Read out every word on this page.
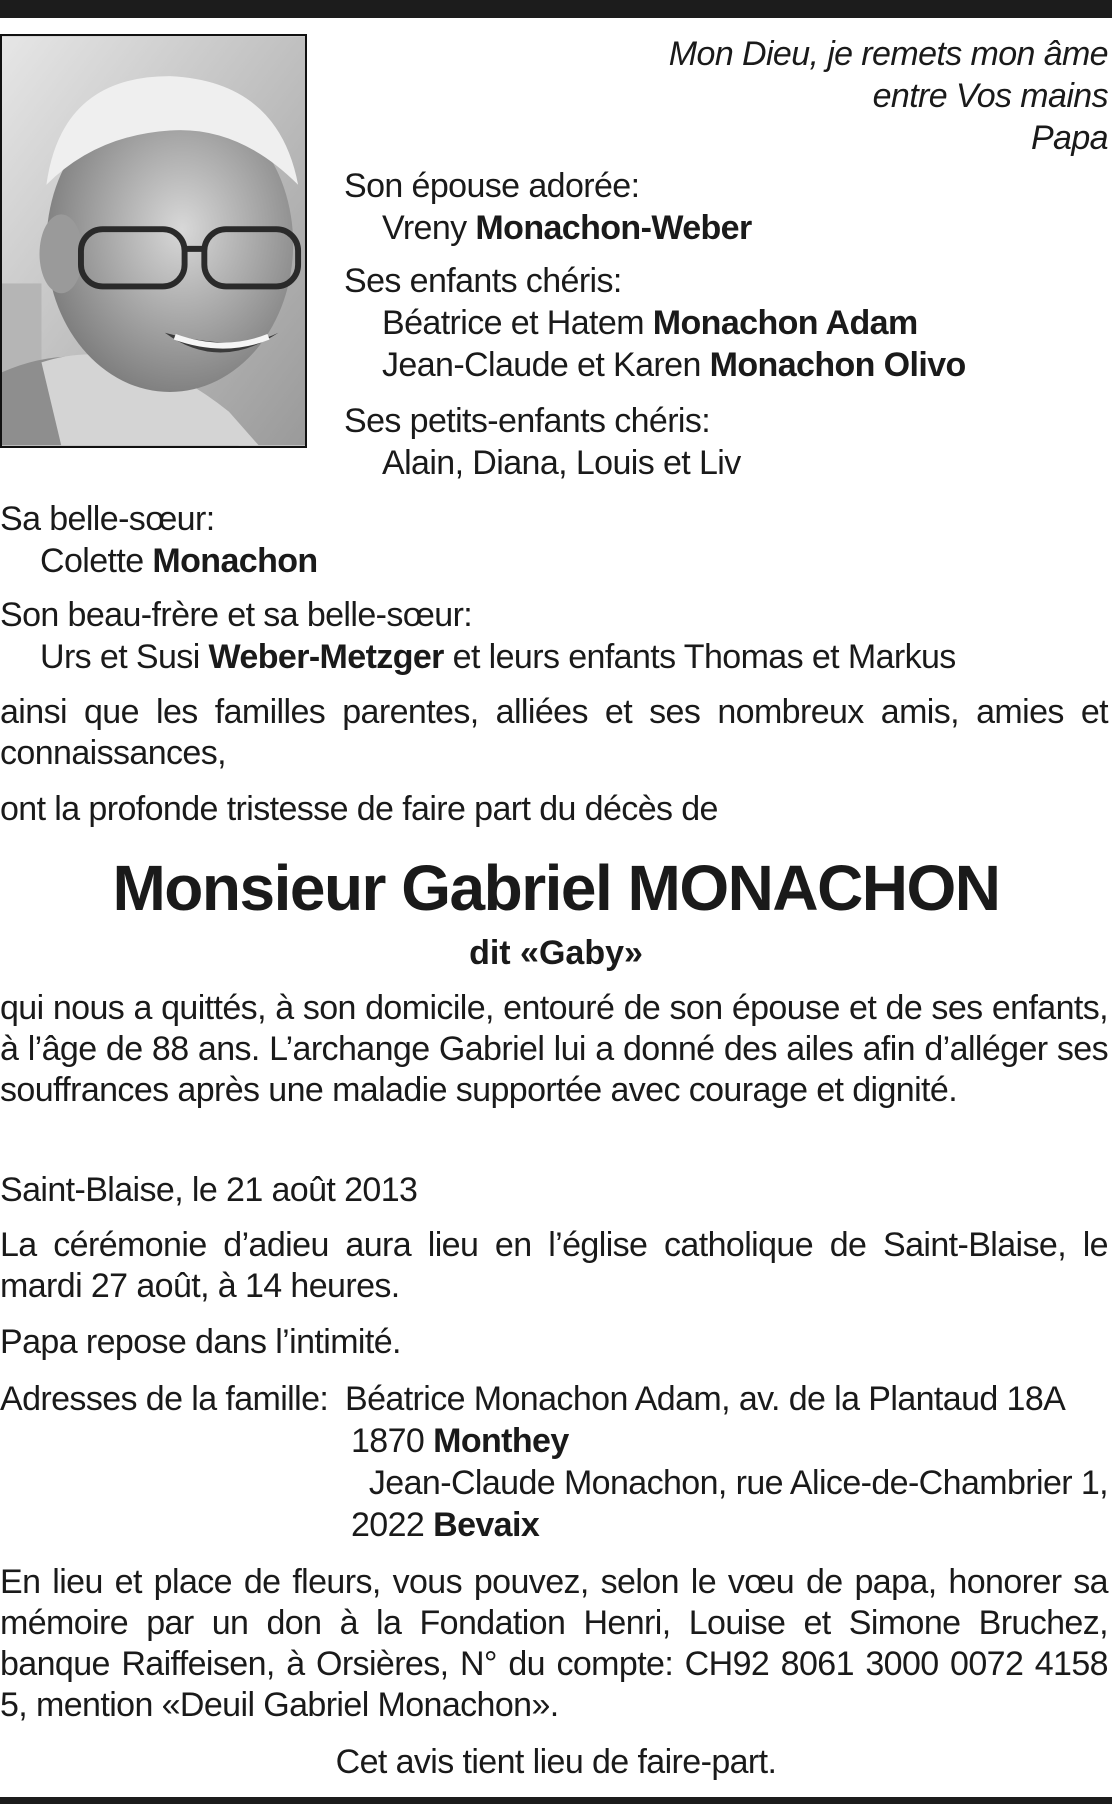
Mon Dieu, je remets mon âme
entre Vos mains
Papa
Son épouse adorée:
Vreny Monachon-Weber
Ses enfants chéris:
Béatrice et Hatem Monachon Adam
Jean-Claude et Karen Monachon Olivo
Ses petits-enfants chéris:
Alain, Diana, Louis et Liv
Sa belle-sœur:
Colette Monachon
Son beau-frère et sa belle-sœur:
Urs et Susi Weber-Metzger et leurs enfants Thomas et Markus
ainsi que les familles parentes, alliées et ses nombreux amis, amies et connaissances,
ont la profonde tristesse de faire part du décès de
Monsieur Gabriel MONACHON
dit «Gaby»
qui nous a quittés, à son domicile, entouré de son épouse et de ses enfants, à l’âge de 88 ans. L’archange Gabriel lui a donné des ailes afin d’alléger ses souffrances après une maladie supportée avec courage et dignité.
Saint-Blaise, le 21 août 2013
La cérémonie d’adieu aura lieu en l’église catholique de Saint-Blaise, le mardi 27 août, à 14 heures.
Papa repose dans l’intimité.
Adresses de la famille: Béatrice Monachon Adam, av. de la Plantaud 18A
1870 Monthey
Jean-Claude Monachon, rue Alice-de-Chambrier 1,
2022 Bevaix
En lieu et place de fleurs, vous pouvez, selon le vœu de papa, honorer sa mémoire par un don à la Fondation Henri, Louise et Simone Bruchez, banque Raiffeisen, à Orsières, N° du compte: CH92 8061 3000 0072 4158 5, mention «Deuil Gabriel Monachon».
Cet avis tient lieu de faire-part.
